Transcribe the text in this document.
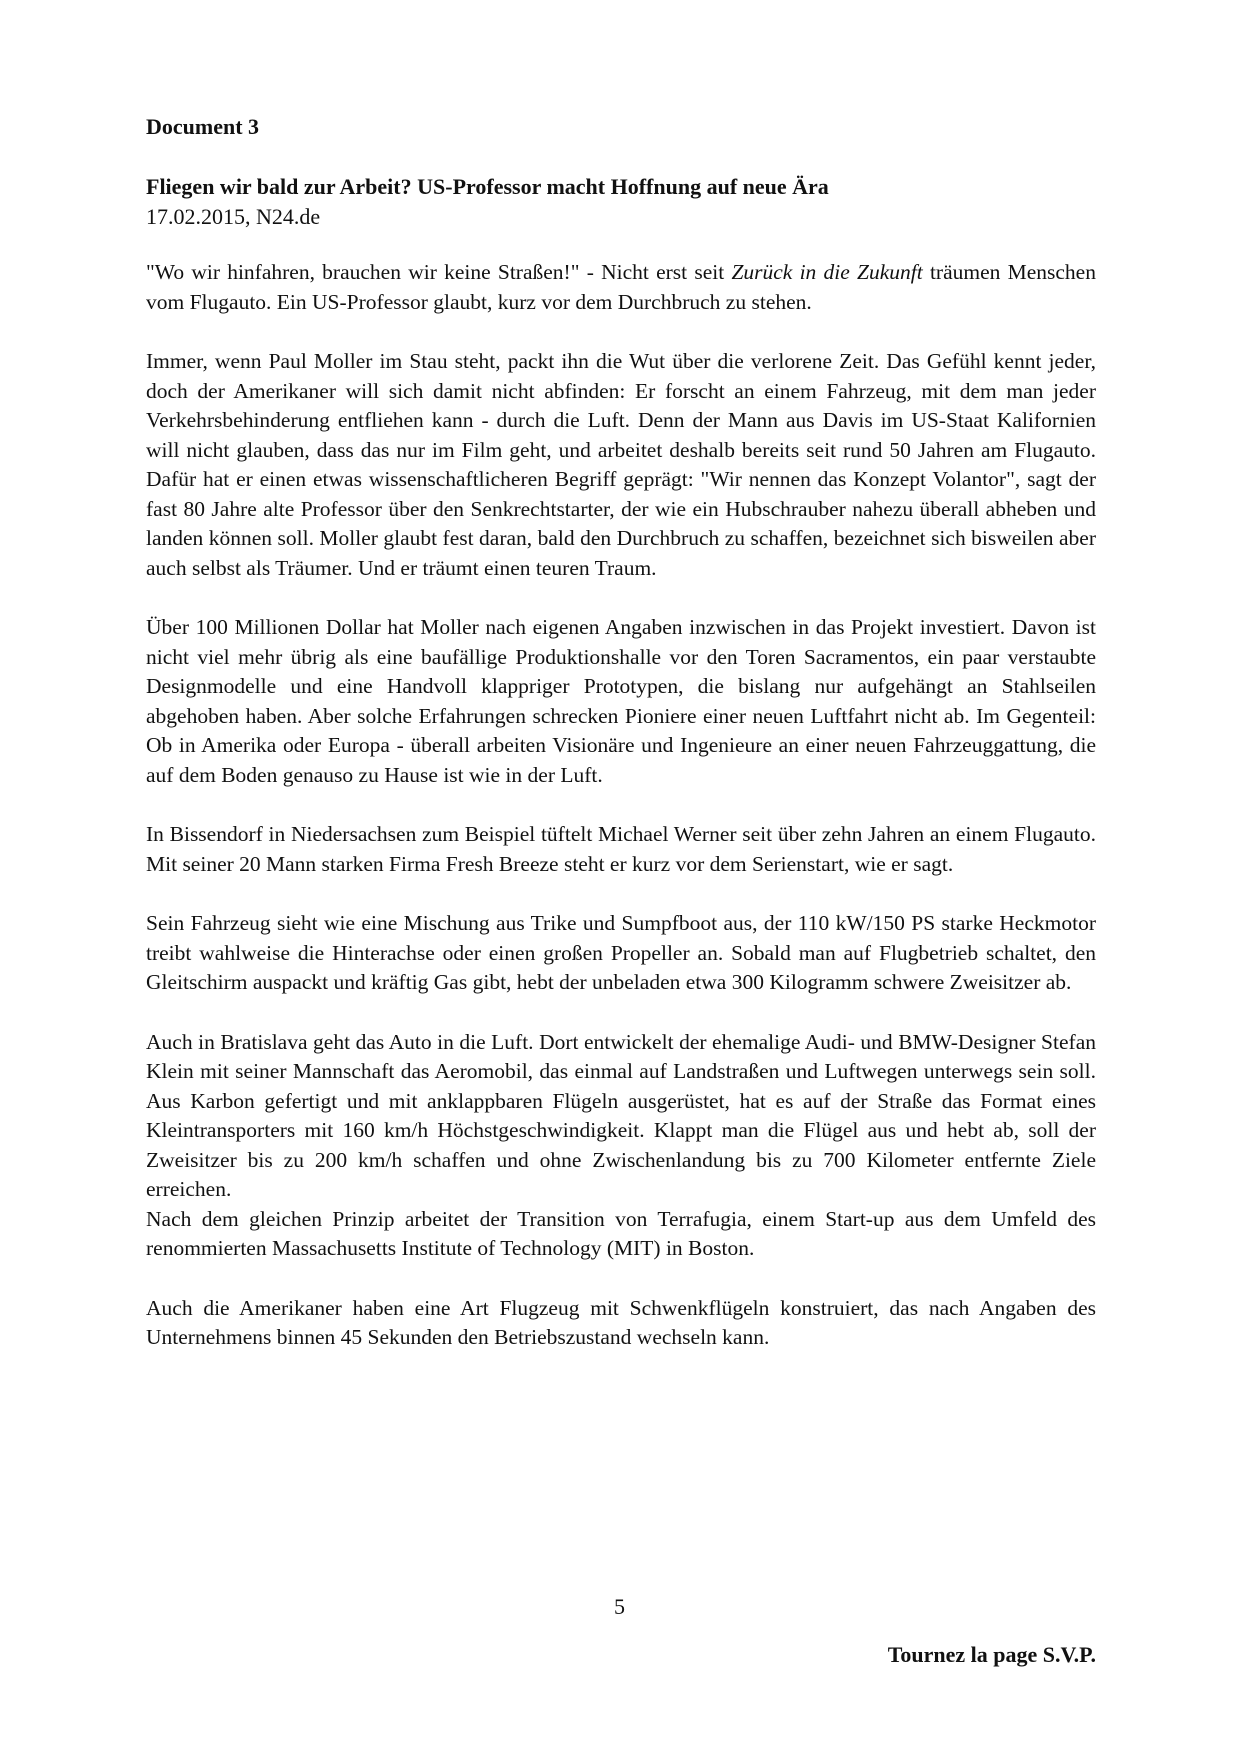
Document 3
Fliegen wir bald zur Arbeit? US-Professor macht Hoffnung auf neue Ära
17.02.2015, N24.de

"Wo wir hinfahren, brauchen wir keine Straßen!" - Nicht erst seit Zurück in die Zukunft träumen Menschen vom Flugauto. Ein US-Professor glaubt, kurz vor dem Durchbruch zu stehen.

Immer, wenn Paul Moller im Stau steht, packt ihn die Wut über die verlorene Zeit. Das Gefühl kennt jeder, doch der Amerikaner will sich damit nicht abfinden: Er forscht an einem Fahrzeug, mit dem man jeder Verkehrsbehinderung entfliehen kann - durch die Luft. Denn der Mann aus Davis im US-Staat Kalifornien will nicht glauben, dass das nur im Film geht, und arbeitet deshalb bereits seit rund 50 Jahren am Flugauto. Dafür hat er einen etwas wissenschaftlicheren Begriff geprägt: "Wir nennen das Konzept Volantor", sagt der fast 80 Jahre alte Professor über den Senkrechtstarter, der wie ein Hubschrauber nahezu überall abheben und landen können soll. Moller glaubt fest daran, bald den Durchbruch zu schaffen, bezeichnet sich bisweilen aber auch selbst als Träumer. Und er träumt einen teuren Traum.

Über 100 Millionen Dollar hat Moller nach eigenen Angaben inzwischen in das Projekt investiert. Davon ist nicht viel mehr übrig als eine baufällige Produktionshalle vor den Toren Sacramentos, ein paar verstaubte Designmodelle und eine Handvoll klappriger Prototypen, die bislang nur aufgehängt an Stahlseilen abgehoben haben. Aber solche Erfahrungen schrecken Pioniere einer neuen Luftfahrt nicht ab. Im Gegenteil: Ob in Amerika oder Europa - überall arbeiten Visionäre und Ingenieure an einer neuen Fahrzeuggattung, die auf dem Boden genauso zu Hause ist wie in der Luft.

In Bissendorf in Niedersachsen zum Beispiel tüftelt Michael Werner seit über zehn Jahren an einem Flugauto. Mit seiner 20 Mann starken Firma Fresh Breeze steht er kurz vor dem Serienstart, wie er sagt.

Sein Fahrzeug sieht wie eine Mischung aus Trike und Sumpfboot aus, der 110 kW/150 PS starke Heckmotor treibt wahlweise die Hinterachse oder einen großen Propeller an. Sobald man auf Flugbetrieb schaltet, den Gleitschirm auspackt und kräftig Gas gibt, hebt der unbeladen etwa 300 Kilogramm schwere Zweisitzer ab.

Auch in Bratislava geht das Auto in die Luft. Dort entwickelt der ehemalige Audi- und BMW-Designer Stefan Klein mit seiner Mannschaft das Aeromobil, das einmal auf Landstraßen und Luftwegen unterwegs sein soll. Aus Karbon gefertigt und mit anklappbaren Flügeln ausgerüstet, hat es auf der Straße das Format eines Kleintransporters mit 160 km/h Höchstgeschwindigkeit. Klappt man die Flügel aus und hebt ab, soll der Zweisitzer bis zu 200 km/h schaffen und ohne Zwischenlandung bis zu 700 Kilometer entfernte Ziele erreichen.

Nach dem gleichen Prinzip arbeitet der Transition von Terrafugia, einem Start-up aus dem Umfeld des renommierten Massachusetts Institute of Technology (MIT) in Boston.

Auch die Amerikaner haben eine Art Flugzeug mit Schwenkflügeln konstruiert, das nach Angaben des Unternehmens binnen 45 Sekunden den Betriebszustand wechseln kann.

5
Tournez la page S.V.P.
